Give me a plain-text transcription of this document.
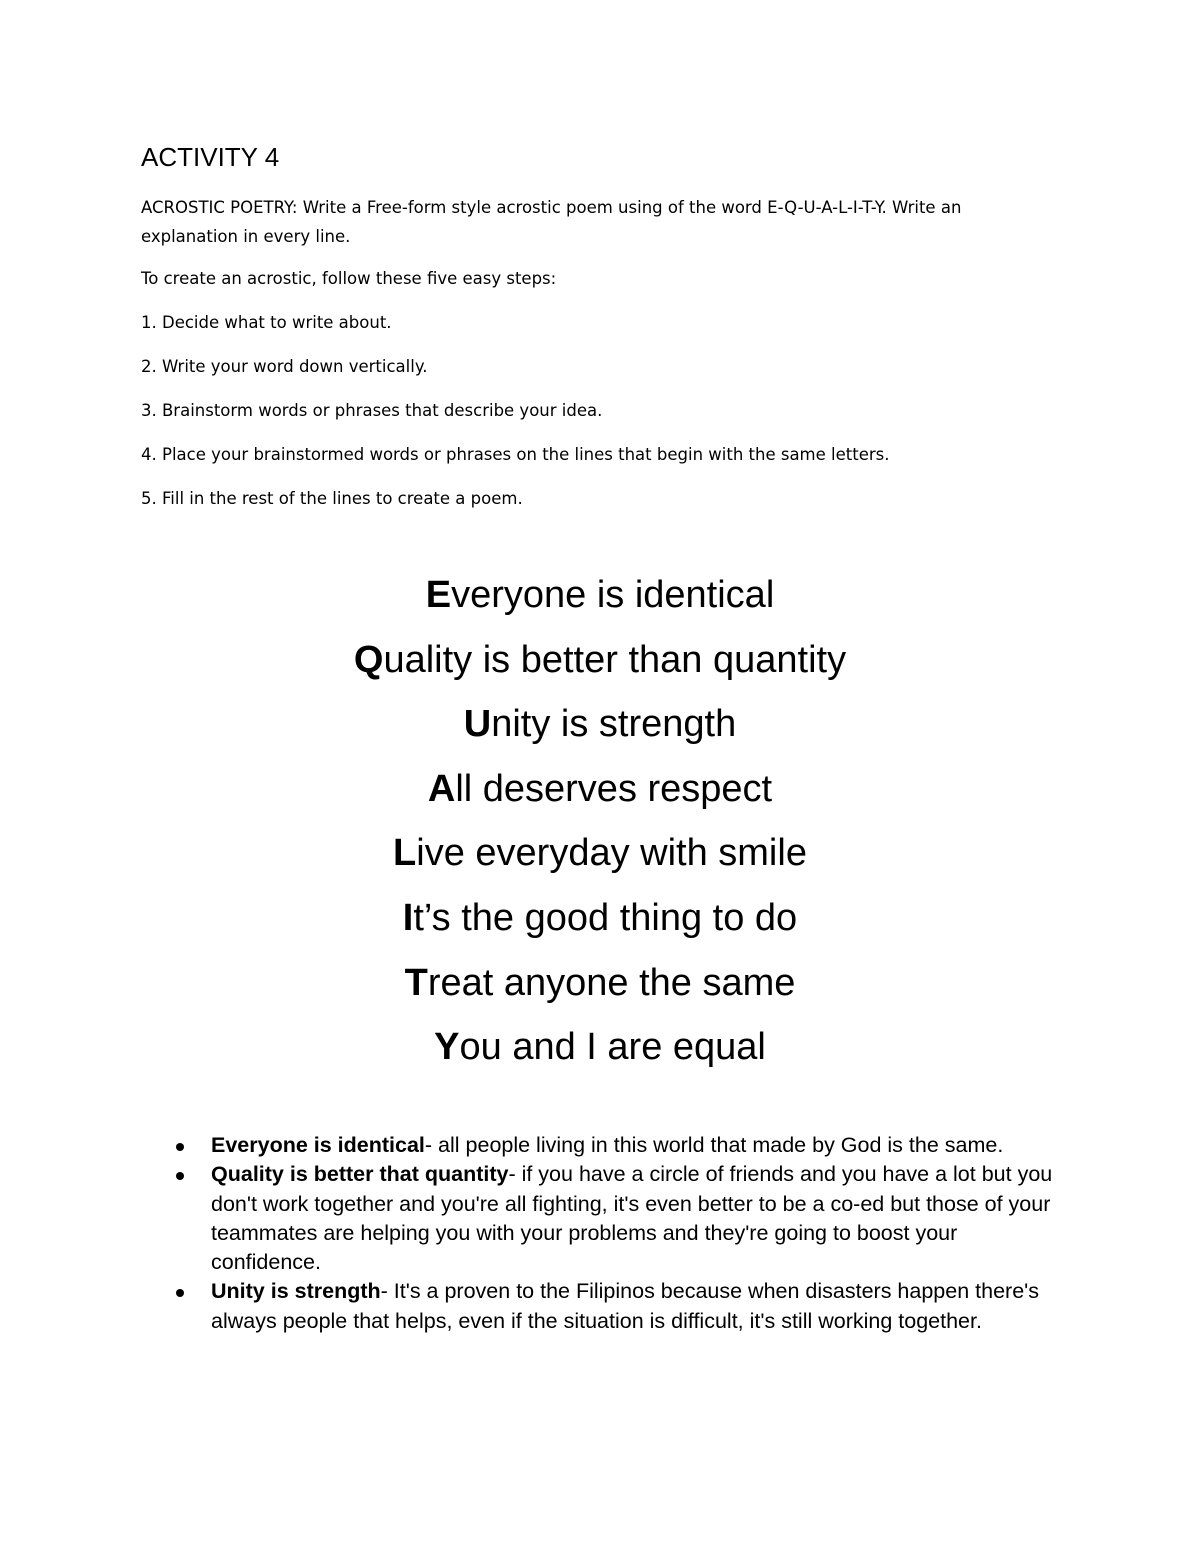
ACTIVITY 4

ACROSTIC POETRY: Write a Free-form style acrostic poem using of the word E-Q-U-A-L-I-T-Y. Write an explanation in every line.

To create an acrostic, follow these five easy steps:

1. Decide what to write about.
2. Write your word down vertically.
3. Brainstorm words or phrases that describe your idea.
4. Place your brainstormed words or phrases on the lines that begin with the same letters.
5. Fill in the rest of the lines to create a poem.
Everyone is identical
Quality is better than quantity
Unity is strength
All deserves respect
Live everyday with smile
It’s the good thing to do
Treat anyone the same
You and I are equal
Everyone is identical- all people living in this world that made by God is the same.
Quality is better that quantity- if you have a circle of friends and you have a lot but you don't work together and you're all fighting, it's even better to be a co-ed but those of your teammates are helping you with your problems and they're going to boost your confidence.
Unity is strength- It's a proven to the Filipinos because when disasters happen there's always people that helps, even if the situation is difficult, it's still working together.
